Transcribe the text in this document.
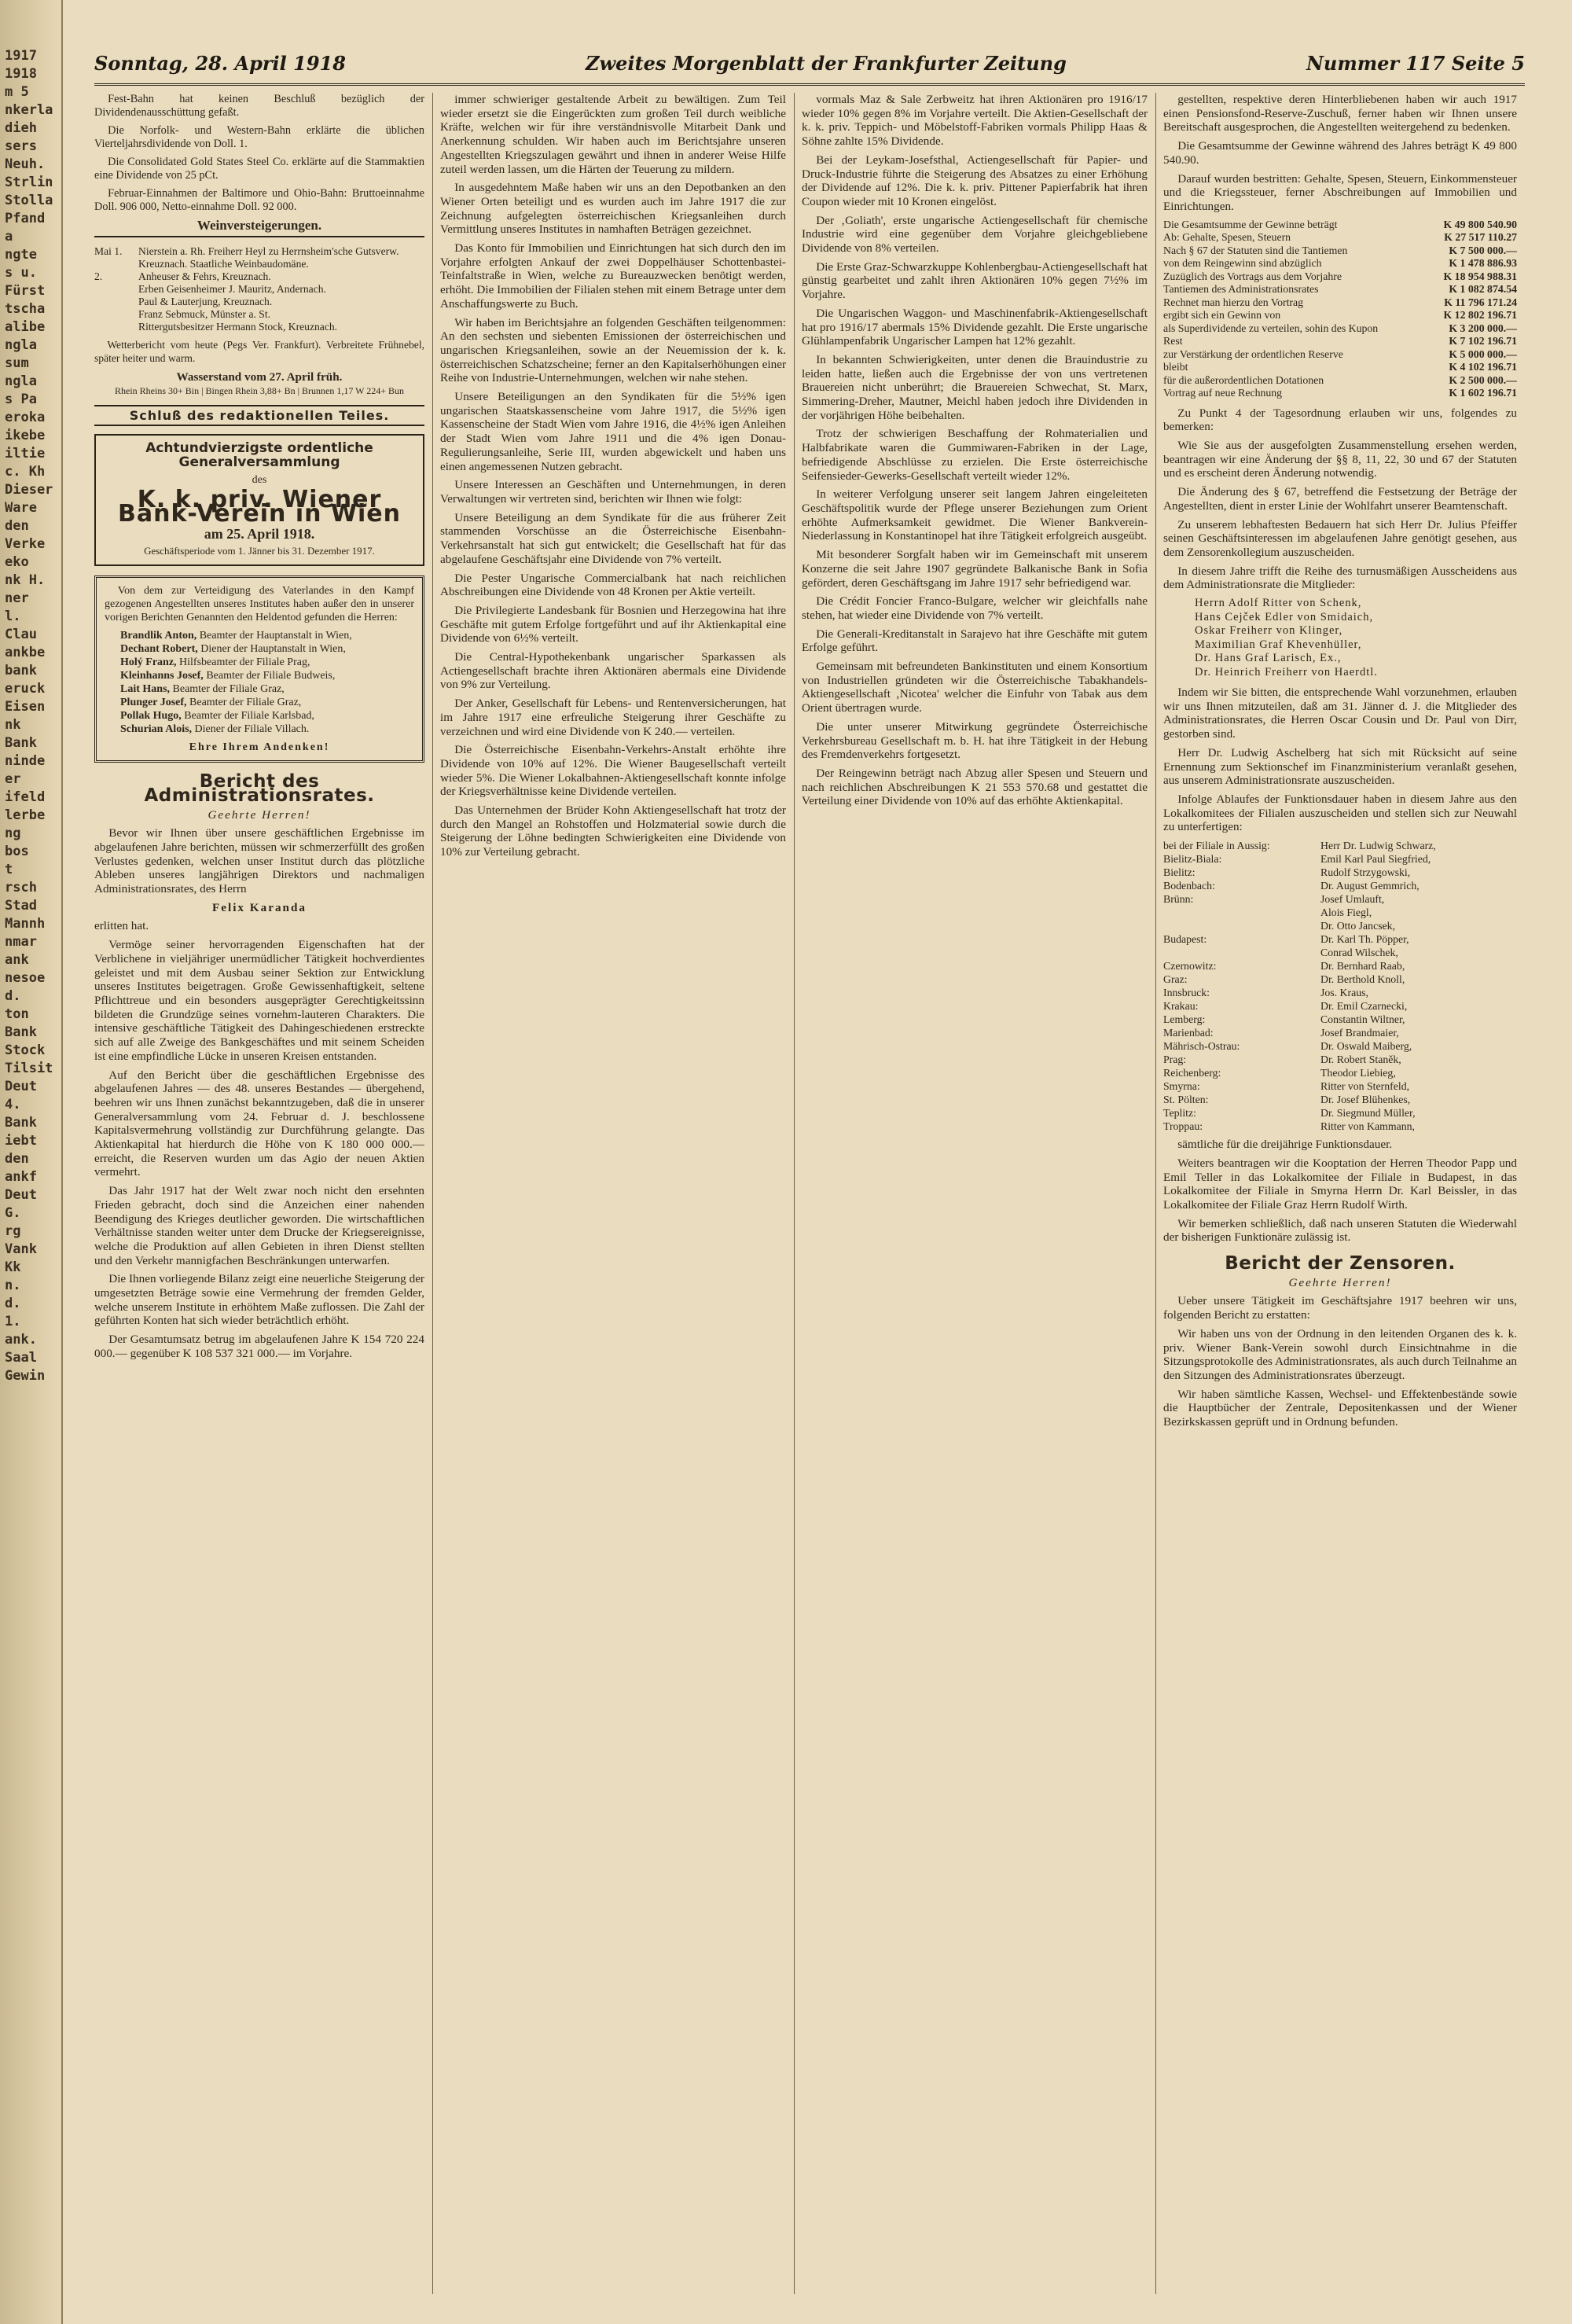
1917
1918
m 5
nkerla
dieh
sers
Neuh.
Strlin
Stolla
Pfand
a
ngte
s u.
Fürst
tscha
alibe
ngla
sum
ngla
s Pa
eroka
ikebe
iltie
c. Kh
Dieser
Ware
den
Verke
eko
nk H.
ner
l.
Clau
ankbe
bank
eruck
Eisen
nk
Bank
ninde
er
ifeld
lerbe
ng
bos
t
rsch
Stad
Mannh
nmar
ank
nesoe
d.
ton
Bank
Stock
Tilsit
Deut
4.
Bank
iebt
den
ankf
Deut
G.
rg
Vank
Kk
n.
d.
1.
ank.
Saal
Gewin
Sonntag, 28. April 1918	Zweites Morgenblatt der Frankfurter Zeitung	Nummer 117 Seite 5

Fest-Bahn hat keinen Beschluß bezüglich der Dividendenausschüttung gefaßt.

Die Norfolk- und Western-Bahn erklärte die üblichen Vierteljahrsdividende von Doll. 1.

Die Consolidated Gold States Steel Co. erklärte auf die Stammaktien eine Dividende von 25 pCt.

Februar-Einnahmen der Baltimore und Ohio-Bahn: Bruttoeinnahme Doll. 906 000, Netto-einnahme Doll. 92 000.

Weinversteigerungen.
Mai 1.	Nierstein a. Rh. Freiherr Heyl zu Herrnsheim'sche Gutsverw.
Kreuznach. Staatliche Weinbaudomäne.
2.	Anheuser & Fehrs, Kreuznach.
Erben Geisenheimer J. Mauritz, Andernach.
Paul & Lauterjung, Kreuznach.
Franz Sebmuck, Münster a. St.
Rittergutsbesitzer Hermann Stock, Kreuznach.

Wetterbericht vom heute (Pegs Ver. Frankfurt). Verbreitete Frühnebel, später heiter und warm.

Wasserstand vom 27. April früh.
Rhein Rheins 30+ Bin | Bingen Rhein 3,88+ Bn | Brunnen 1,17 W 224+ Bun
Schluß des redaktionellen Teiles.
Achtundvierzigste ordentliche Generalversammlung
des
K. k. priv. Wiener Bank-Verein in Wien
am 25. April 1918.
Geschäftsperiode vom 1. Jänner bis 31. Dezember 1917.

Von dem zur Verteidigung des Vaterlandes in den Kampf gezogenen Angestellten unseres Institutes haben außer den in unserer vorigen Berichten Genannten den Heldentod gefunden die Herren:

Brandlik Anton, Beamter der Hauptanstalt in Wien,
Dechant Robert, Diener der Hauptanstalt in Wien,
Holý Franz, Hilfsbeamter der Filiale Prag,
Kleinhanns Josef, Beamter der Filiale Budweis,
Lait Hans, Beamter der Filiale Graz,
Plunger Josef, Beamter der Filiale Graz,
Pollak Hugo, Beamter der Filiale Karlsbad,
Schurian Alois, Diener der Filiale Villach.
Ehre Ihrem Andenken!
Bericht des Administrationsrates.

Geehrte Herren!

Bevor wir Ihnen über unsere geschäftlichen Ergebnisse im abgelaufenen Jahre berichten, müssen wir schmerzerfüllt des großen Verlustes gedenken, welchen unser Institut durch das plötzliche Ableben unseres langjährigen Direktors und nachmaligen Administrationsrates, des Herrn

Felix Karanda

erlitten hat.

Vermöge seiner hervorragenden Eigenschaften hat der Verblichene in vieljähriger unermüdlicher Tätigkeit hochverdientes geleistet und mit dem Ausbau seiner Sektion zur Entwicklung unseres Institutes beigetragen. Große Gewissenhaftigkeit, seltene Pflichttreue und ein besonders ausgeprägter Gerechtigkeitssinn bildeten die Grundzüge seines vornehm-lauteren Charakters. Die intensive geschäftliche Tätigkeit des Dahingeschiedenen erstreckte sich auf alle Zweige des Bankgeschäftes und mit seinem Scheiden ist eine empfindliche Lücke in unseren Kreisen entstanden.

Auf den Bericht über die geschäftlichen Ergebnisse des abgelaufenen Jahres — des 48. unseres Bestandes — übergehend, beehren wir uns Ihnen zunächst bekanntzugeben, daß die in unserer Generalversammlung vom 24. Februar d. J. beschlossene Kapitalsvermehrung vollständig zur Durchführung gelangte. Das Aktienkapital hat hierdurch die Höhe von K 180 000 000.— erreicht, die Reserven wurden um das Agio der neuen Aktien vermehrt.

Das Jahr 1917 hat der Welt zwar noch nicht den ersehnten Frieden gebracht, doch sind die Anzeichen einer nahenden Beendigung des Krieges deutlicher geworden. Die wirtschaftlichen Verhältnisse standen weiter unter dem Drucke der Kriegsereignisse, welche die Produktion auf allen Gebieten in ihren Dienst stellten und den Verkehr mannigfachen Beschränkungen unterwarfen.

Die Ihnen vorliegende Bilanz zeigt eine neuerliche Steigerung der umgesetzten Beträge sowie eine Vermehrung der fremden Gelder, welche unserem Institute in erhöhtem Maße zuflossen. Die Zahl der geführten Konten hat sich wieder beträchtlich erhöht.

Der Gesamtumsatz betrug im abgelaufenen Jahre K 154 720 224 000.— gegenüber K 108 537 321 000.— im Vorjahre.

immer schwieriger gestaltende Arbeit zu bewältigen. Zum Teil wieder ersetzt sie die Eingerückten zum großen Teil durch weibliche Kräfte, welchen wir für ihre verständnisvolle Mitarbeit Dank und Anerkennung schulden. Wir haben auch im Berichtsjahre unseren Angestellten Kriegszulagen gewährt und ihnen in anderer Weise Hilfe zuteil werden lassen, um die Härten der Teuerung zu mildern.

In ausgedehntem Maße haben wir uns an den Depotbanken an den Wiener Orten beteiligt und es wurden auch im Jahre 1917 die zur Zeichnung aufgelegten österreichischen Kriegsanleihen durch Vermittlung unseres Institutes in namhaften Beträgen gezeichnet.

Das Konto für Immobilien und Einrichtungen hat sich durch den im Vorjahre erfolgten Ankauf der zwei Doppelhäuser Schottenbastei-Teinfaltstraße in Wien, welche zu Bureauzwecken benötigt werden, erhöht. Die Immobilien der Filialen stehen mit einem Betrage unter dem Anschaffungswerte zu Buch.

Wir haben im Berichtsjahre an folgenden Geschäften teilgenommen: An den sechsten und siebenten Emissionen der österreichischen und ungarischen Kriegsanleihen, sowie an der Neuemission der k. k. österreichischen Schatzscheine; ferner an den Kapitalserhöhungen einer Reihe von Industrie-Unternehmungen, welchen wir nahe stehen.

Unsere Beteiligungen an den Syndikaten für die 5½% igen ungarischen Staatskassenscheine vom Jahre 1917, die 5½% igen Kassenscheine der Stadt Wien vom Jahre 1916, die 4½% igen Anleihen der Stadt Wien vom Jahre 1911 und die 4% igen Donau-Regulierungsanleihe, Serie III, wurden abgewickelt und haben uns einen angemessenen Nutzen gebracht.

Unsere Interessen an Geschäften und Unternehmungen, in deren Verwaltungen wir vertreten sind, berichten wir Ihnen wie folgt:

Unsere Beteiligung an dem Syndikate für die aus früherer Zeit stammenden Vorschüsse an die Österreichische Eisenbahn-Verkehrsanstalt hat sich gut entwickelt; die Gesellschaft hat für das abgelaufene Geschäftsjahr eine Dividende von 7% verteilt.

Die Pester Ungarische Commercialbank hat nach reichlichen Abschreibungen eine Dividende von 48 Kronen per Aktie verteilt.

Die Privilegierte Landesbank für Bosnien und Herzegowina hat ihre Geschäfte mit gutem Erfolge fortgeführt und auf ihr Aktienkapital eine Dividende von 6½% verteilt.

Die Central-Hypothekenbank ungarischer Sparkassen als Actiengesellschaft brachte ihren Aktionären abermals eine Dividende von 9% zur Verteilung.

Der Anker, Gesellschaft für Lebens- und Rentenversicherungen, hat im Jahre 1917 eine erfreuliche Steigerung ihrer Geschäfte zu verzeichnen und wird eine Dividende von K 240.— verteilen.

Die Österreichische Eisenbahn-Verkehrs-Anstalt erhöhte ihre Dividende von 10% auf 12%. Die Wiener Baugesellschaft verteilt wieder 5%. Die Wiener Lokalbahnen-Aktiengesellschaft konnte infolge der Kriegsverhältnisse keine Dividende verteilen.

Das Unternehmen der Brüder Kohn Aktiengesellschaft hat trotz der durch den Mangel an Rohstoffen und Holzmaterial sowie durch die Steigerung der Löhne bedingten Schwierigkeiten eine Dividende von 10% zur Verteilung gebracht.

vormals Maz & Sale Zerbweitz hat ihren Aktionären pro 1916/17 wieder 10% gegen 8% im Vorjahre verteilt. Die Aktien-Gesellschaft der k. k. priv. Teppich- und Möbelstoff-Fabriken vormals Philipp Haas & Söhne zahlte 15% Dividende.

Bei der Leykam-Josefsthal, Actiengesellschaft für Papier- und Druck-Industrie führte die Steigerung des Absatzes zu einer Erhöhung der Dividende auf 12%. Die k. k. priv. Pittener Papierfabrik hat ihren Coupon wieder mit 10 Kronen eingelöst.

Der ‚Goliath', erste ungarische Actiengesellschaft für chemische Industrie wird eine gegenüber dem Vorjahre gleichgebliebene Dividende von 8% verteilen.

Die Erste Graz-Schwarzkuppe Kohlenbergbau-Actiengesellschaft hat günstig gearbeitet und zahlt ihren Aktionären 10% gegen 7½% im Vorjahre.

Die Ungarischen Waggon- und Maschinenfabrik-Aktiengesellschaft hat pro 1916/17 abermals 15% Dividende gezahlt. Die Erste ungarische Glühlampenfabrik Ungarischer Lampen hat 12% gezahlt.

In bekannten Schwierigkeiten, unter denen die Brauindustrie zu leiden hatte, ließen auch die Ergebnisse der von uns vertretenen Brauereien nicht unberührt; die Brauereien Schwechat, St. Marx, Simmering-Dreher, Mautner, Meichl haben jedoch ihre Dividenden in der vorjährigen Höhe beibehalten.

Trotz der schwierigen Beschaffung der Rohmaterialien und Halbfabrikate waren die Gummiwaren-Fabriken in der Lage, befriedigende Abschlüsse zu erzielen. Die Erste österreichische Seifensieder-Gewerks-Gesellschaft verteilt wieder 12%.

In weiterer Verfolgung unserer seit langem Jahren eingeleiteten Geschäftspolitik wurde der Pflege unserer Beziehungen zum Orient erhöhte Aufmerksamkeit gewidmet. Die Wiener Bankverein-Niederlassung in Konstantinopel hat ihre Tätigkeit erfolgreich ausgeübt.

Mit besonderer Sorgfalt haben wir im Gemeinschaft mit unserem Konzerne die seit Jahre 1907 gegründete Balkanische Bank in Sofia gefördert, deren Geschäftsgang im Jahre 1917 sehr befriedigend war.

Die Crédit Foncier Franco-Bulgare, welcher wir gleichfalls nahe stehen, hat wieder eine Dividende von 7% verteilt.

Die Generali-Kreditanstalt in Sarajevo hat ihre Geschäfte mit gutem Erfolge geführt.

Gemeinsam mit befreundeten Bankinstituten und einem Konsortium von Industriellen gründeten wir die Österreichische Tabakhandels-Aktiengesellschaft ‚Nicotea' welcher die Einfuhr von Tabak aus dem Orient übertragen wurde.

Die unter unserer Mitwirkung gegründete Österreichische Verkehrsbureau Gesellschaft m. b. H. hat ihre Tätigkeit in der Hebung des Fremdenverkehrs fortgesetzt.

Der Reingewinn beträgt nach Abzug aller Spesen und Steuern und nach reichlichen Abschreibungen K 21 553 570.68 und gestattet die Verteilung einer Dividende von 10% auf das erhöhte Aktienkapital.

gestellten, respektive deren Hinterbliebenen haben wir auch 1917 einen Pensionsfond-Reserve-Zuschuß, ferner haben wir Ihnen unsere Bereitschaft ausgesprochen, die Angestellten weitergehend zu bedenken.

Die Gesamtsumme der Gewinne während des Jahres beträgt K 49 800 540.90.

Darauf wurden bestritten: Gehalte, Spesen, Steuern, Einkommensteuer und die Kriegssteuer, ferner Abschreibungen auf Immobilien und Einrichtungen.

Die Gesamtsumme der Gewinne beträgt	K 49 800 540.90
Ab: Gehalte, Spesen, Steuern	K 27 517 110.27
Nach § 67 der Statuten sind die Tantiemen	K 7 500 000.—
von dem Reingewinn sind abzüglich	K 1 478 886.93
Zuzüglich des Vortrags aus dem Vorjahre	K 18 954 988.31
Tantiemen des Administrationsrates	K 1 082 874.54
Rechnet man hierzu den Vortrag	K 11 796 171.24
ergibt sich ein Gewinn von	K 12 802 196.71
als Superdividende zu verteilen, sohin des Kupon	K 3 200 000.—
Rest	K 7 102 196.71
zur Verstärkung der ordentlichen Reserve	K 5 000 000.—
bleibt	K 4 102 196.71
für die außerordentlichen Dotationen	K 2 500 000.—
Vortrag auf neue Rechnung	K 1 602 196.71

Zu Punkt 4 der Tagesordnung erlauben wir uns, folgendes zu bemerken:

Wie Sie aus der ausgefolgten Zusammenstellung ersehen werden, beantragen wir eine Änderung der §§ 8, 11, 22, 30 und 67 der Statuten und es erscheint deren Änderung notwendig.

Die Änderung des § 67, betreffend die Festsetzung der Beträge der Angestellten, dient in erster Linie der Wohlfahrt unserer Beamtenschaft.

Zu unserem lebhaftesten Bedauern hat sich Herr Dr. Julius Pfeiffer seinen Geschäftsinteressen im abgelaufenen Jahre genötigt gesehen, aus dem Zensorenkollegium auszuscheiden.

In diesem Jahre trifft die Reihe des turnusmäßigen Ausscheidens aus dem Administrationsrate die Mitglieder:

Herrn Adolf Ritter von Schenk,
Hans Cejček Edler von Smidaich,
Oskar Freiherr von Klinger,
Maximilian Graf Khevenhüller,
Dr. Hans Graf Larisch, Ex.,
Dr. Heinrich Freiherr von Haerdtl.

Indem wir Sie bitten, die entsprechende Wahl vorzunehmen, erlauben wir uns Ihnen mitzuteilen, daß am 31. Jänner d. J. die Mitglieder des Administrationsrates, die Herren Oscar Cousin und Dr. Paul von Dirr, gestorben sind.

Herr Dr. Ludwig Aschelberg hat sich mit Rücksicht auf seine Ernennung zum Sektionschef im Finanzministerium veranlaßt gesehen, aus unserem Administrationsrate auszuscheiden.

Infolge Ablaufes der Funktionsdauer haben in diesem Jahre aus den Lokalkomitees der Filialen auszuscheiden und stellen sich zur Neuwahl zu unterfertigen:

bei der Filiale in Aussig:	Herr Dr. Ludwig Schwarz,
Bielitz-Biala:	Emil Karl Paul Siegfried,
Bielitz:	Rudolf Strzygowski,
Bodenbach:	Dr. August Gemmrich,
Brünn:	Josef Umlauft,
Alois Fiegl,
Dr. Otto Jancsek,
Budapest:	Dr. Karl Th. Pöpper,
Conrad Wilschek,
Czernowitz:	Dr. Bernhard Raab,
Graz:	Dr. Berthold Knoll,
Innsbruck:	Jos. Kraus,
Krakau:	Dr. Emil Czarnecki,
Lemberg:	Constantin Wiltner,
Marienbad:	Josef Brandmaier,
Mährisch-Ostrau:	Dr. Oswald Maiberg,
Prag:	Dr. Robert Staněk,
Reichenberg:	Theodor Liebieg,
Smyrna:	Ritter von Sternfeld,
St. Pölten:	Dr. Josef Blühenkes,
Teplitz:	Dr. Siegmund Müller,
Troppau:	Ritter von Kammann,

sämtliche für die dreijährige Funktionsdauer.

Weiters beantragen wir die Kooptation der Herren Theodor Papp und Emil Teller in das Lokalkomitee der Filiale in Budapest, in das Lokalkomitee der Filiale in Smyrna Herrn Dr. Karl Beissler, in das Lokalkomitee der Filiale Graz Herrn Rudolf Wirth.

Wir bemerken schließlich, daß nach unseren Statuten die Wiederwahl der bisherigen Funktionäre zulässig ist.

Bericht der Zensoren.

Geehrte Herren!

Ueber unsere Tätigkeit im Geschäftsjahre 1917 beehren wir uns, folgenden Bericht zu erstatten:

Wir haben uns von der Ordnung in den leitenden Organen des k. k. priv. Wiener Bank-Verein sowohl durch Einsichtnahme in die Sitzungsprotokolle des Administrationsrates, als auch durch Teilnahme an den Sitzungen des Administrationsrates überzeugt.

Wir haben sämtliche Kassen, Wechsel- und Effektenbestände sowie die Hauptbücher der Zentrale, Depositenkassen und der Wiener Bezirkskassen geprüft und in Ordnung befunden.
